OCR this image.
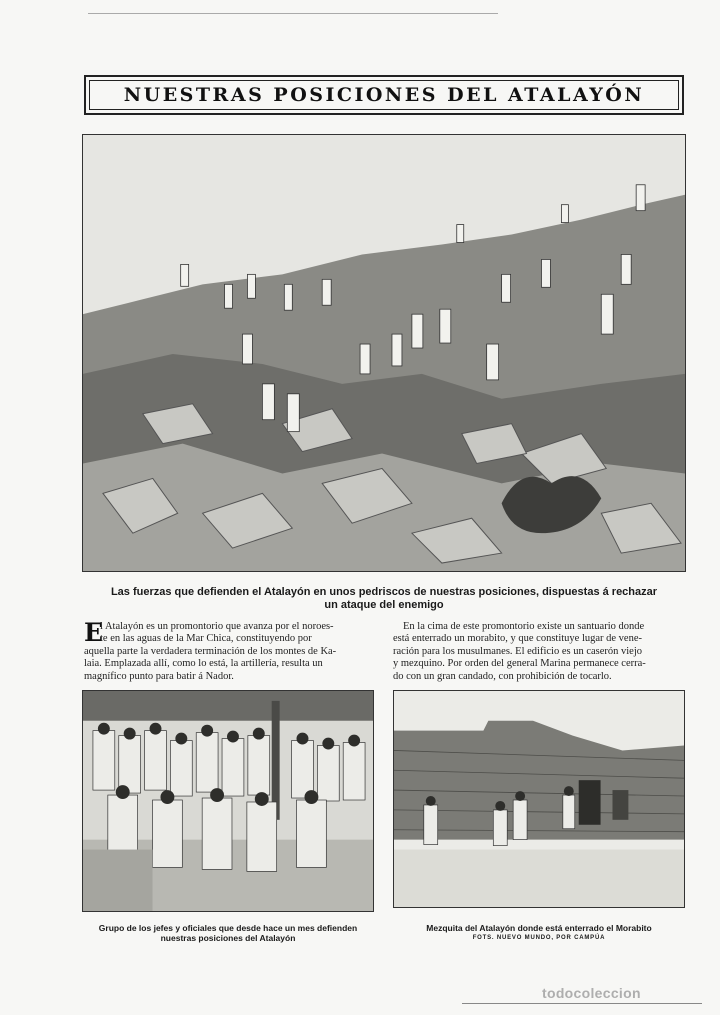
NUESTRAS POSICIONES DEL ATALAYÓN
Las fuerzas que defienden el Atalayón en unos pedriscos de nuestras posiciones, dispuestas á rechazar
un ataque del enemigo
E
l Atalayón es un promontorio que avanza por el noroes-
te en las aguas de la Mar Chica, constituyendo por
aquella parte la verdadera terminación de los montes de Ka-
laia. Emplazada allí, como lo está, la artillería, resulta un
magnífico punto para batir á Nador.
En la cima de este promontorio existe un santuario donde
está enterrado un morabito, y que constituye lugar de vene-
ración para los musulmanes. El edificio es un caserón viejo
y mezquino. Por orden del general Marina permanece cerra-
do con un gran candado, con prohibición de tocarlo.
Grupo de los jefes y oficiales que desde hace un mes defienden
nuestras posiciones del Atalayón
Mezquita del Atalayón donde está enterrado el Morabito
FOTS. NUEVO MUNDO, POR CAMPÚA
todocoleccion
